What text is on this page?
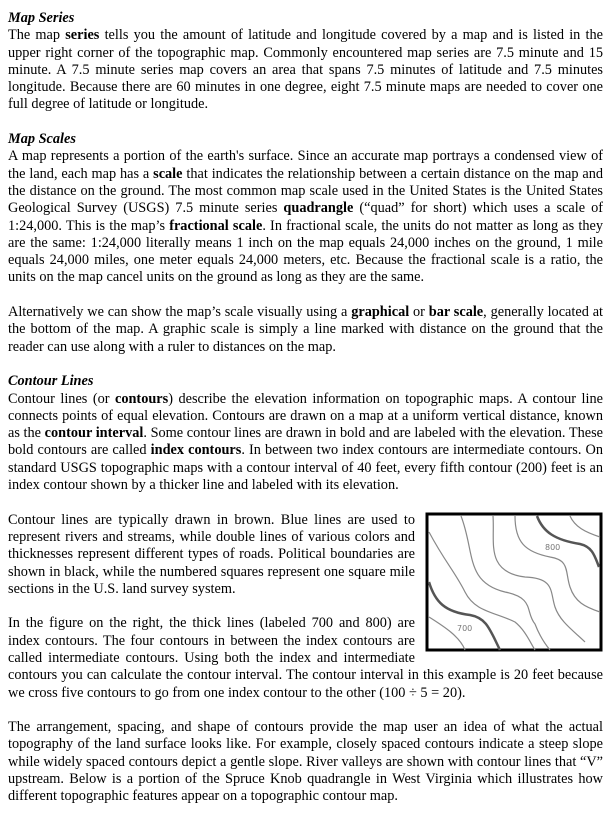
Map Series

The map series tells you the amount of latitude and longitude covered by a map and is listed in the upper right corner of the topographic map. Commonly encountered map series are 7.5 minute and 15 minute. A 7.5 minute series map covers an area that spans 7.5 minutes of latitude and 7.5 minutes longitude. Because there are 60 minutes in one degree, eight 7.5 minute maps are needed to cover one full degree of latitude or longitude.

Map Scales

A map represents a portion of the earth's surface. Since an accurate map portrays a condensed view of the land, each map has a scale that indicates the relationship between a certain distance on the map and the distance on the ground. The most common map scale used in the United States is the United States Geological Survey (USGS) 7.5 minute series quadrangle (“quad” for short) which uses a scale of 1:24,000. This is the map’s fractional scale. In fractional scale, the units do not matter as long as they are the same: 1:24,000 literally means 1 inch on the map equals 24,000 inches on the ground, 1 mile equals 24,000 miles, one meter equals 24,000 meters, etc. Because the fractional scale is a ratio, the units on the map cancel units on the ground as long as they are the same.

Alternatively we can show the map’s scale visually using a graphical or bar scale, generally located at the bottom of the map. A graphic scale is simply a line marked with distance on the ground that the reader can use along with a ruler to distances on the map.

Contour Lines

Contour lines (or contours) describe the elevation information on topographic maps. A contour line connects points of equal elevation. Contours are drawn on a map at a uniform vertical distance, known as the contour interval. Some contour lines are drawn in bold and are labeled with the elevation. These bold contours are called index contours. In between two index contours are intermediate contours. On standard USGS topographic maps with a contour interval of 40 feet, every fifth contour (200) feet is an index contour shown by a thicker line and labeled with its elevation.

800
700
Contour lines are typically drawn in brown. Blue lines are used to represent rivers and streams, while double lines of various colors and thicknesses represent different types of roads. Political boundaries are shown in black, while the numbered squares represent one square mile sections in the U.S. land survey system.

In the figure on the right, the thick lines (labeled 700 and 800) are index contours. The four contours in between the index contours are called intermediate contours. Using both the index and intermediate contours you can calculate the contour interval. The contour interval in this example is 20 feet because we cross five contours to go from one index contour to the other (100 ÷ 5 = 20).

The arrangement, spacing, and shape of contours provide the map user an idea of what the actual topography of the land surface looks like. For example, closely spaced contours indicate a steep slope while widely spaced contours depict a gentle slope. River valleys are shown with contour lines that “V” upstream. Below is a portion of the Spruce Knob quadrangle in West Virginia which illustrates how different topographic features appear on a topographic contour map.
